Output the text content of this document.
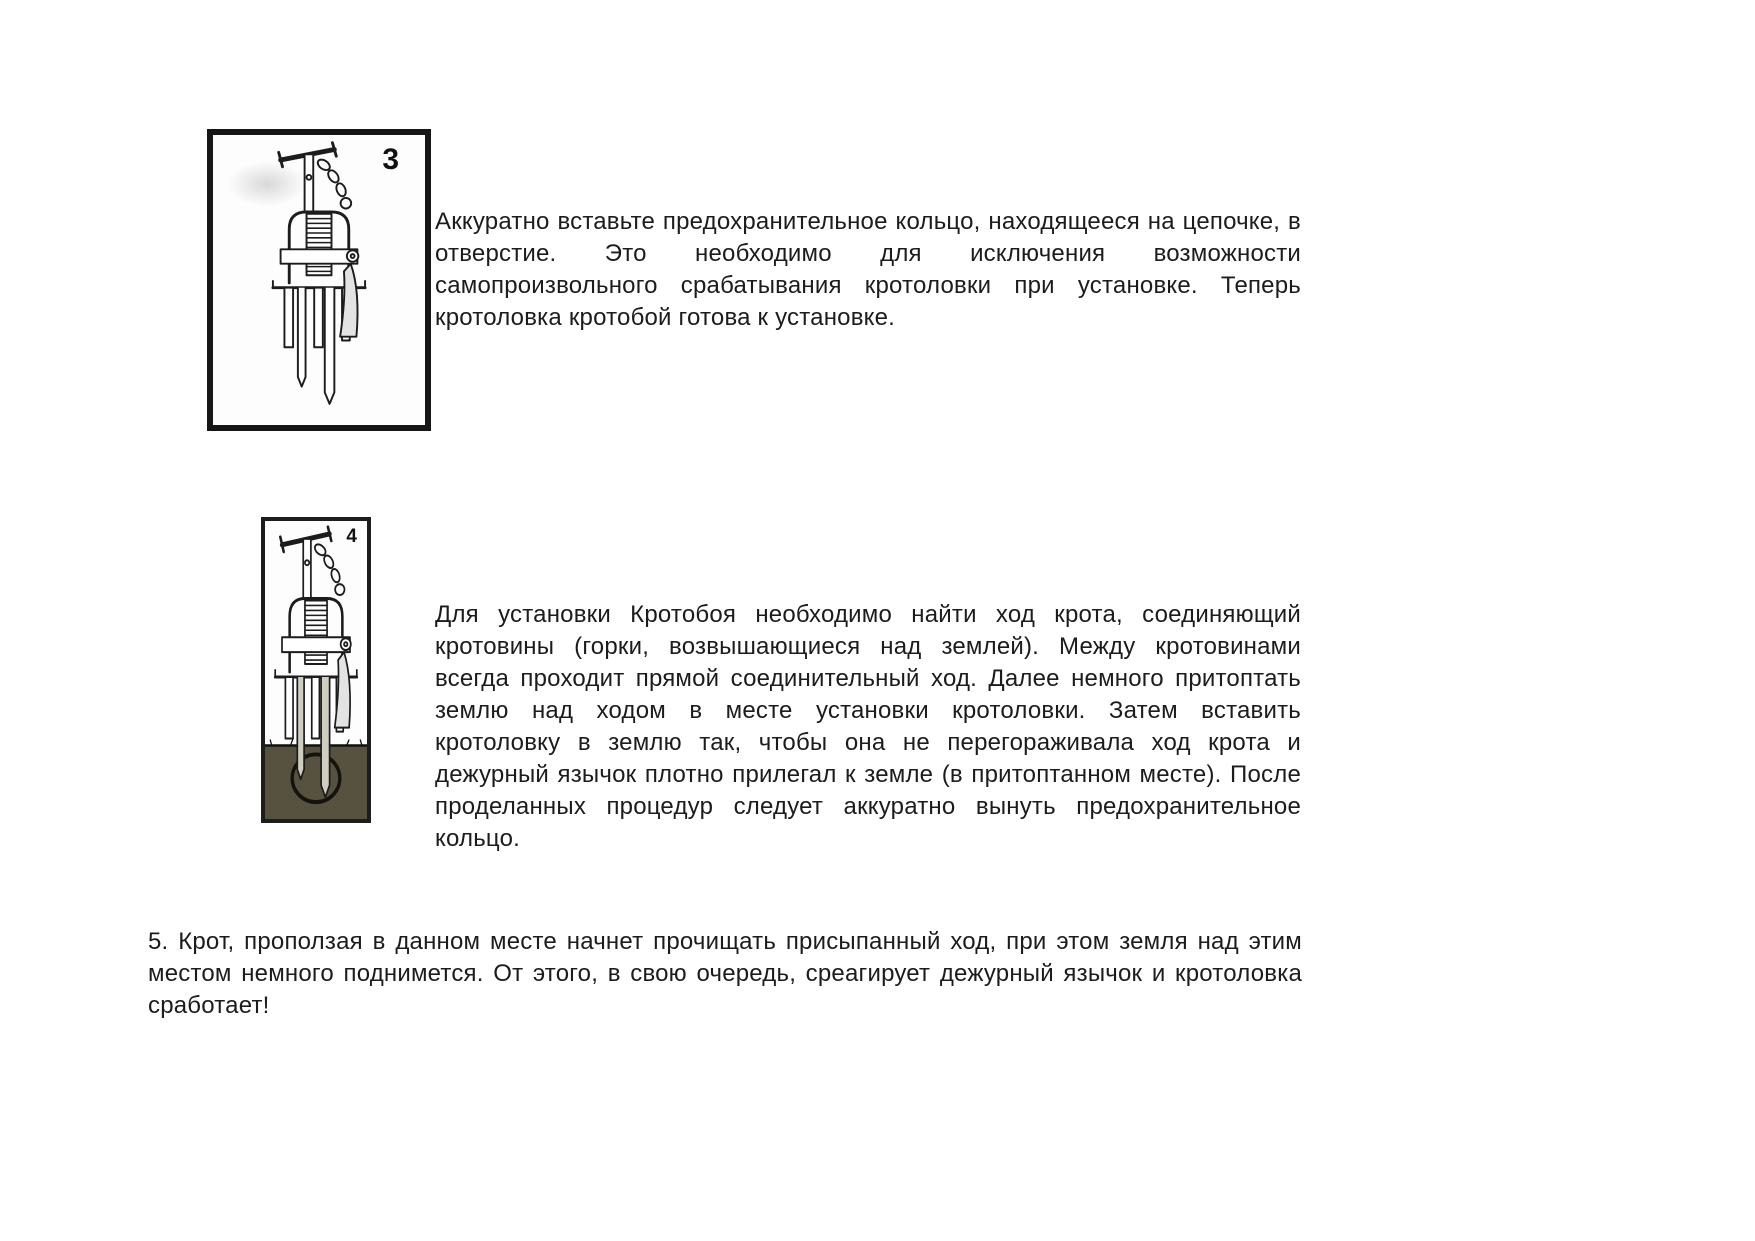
3

Аккуратно вставьте предохранительное кольцо, находящееся на цепочке, в отверстие. Это необходимо для исключения возможности самопроизвольного срабатывания кротоловки при установке. Теперь кротоловка кротобой готова к установке.

4

Для установки Кротобоя необходимо найти ход крота, соединяющий кротовины (горки, возвышающиеся над землей). Между кротовинами всегда проходит прямой соединительный ход. Далее немного притоптать землю над ходом в месте установки кротоловки. Затем вставить кротоловку в землю так, чтобы она не перегораживала ход крота и дежурный язычок плотно прилегал к земле (в притоптанном месте). После проделанных процедур следует аккуратно вынуть предохранительное кольцо.

5. Крот, проползая в данном месте начнет прочищать присыпанный ход, при этом земля над этим местом немного поднимется. От этого, в свою очередь, среагирует дежурный язычок и кротоловка сработает!
